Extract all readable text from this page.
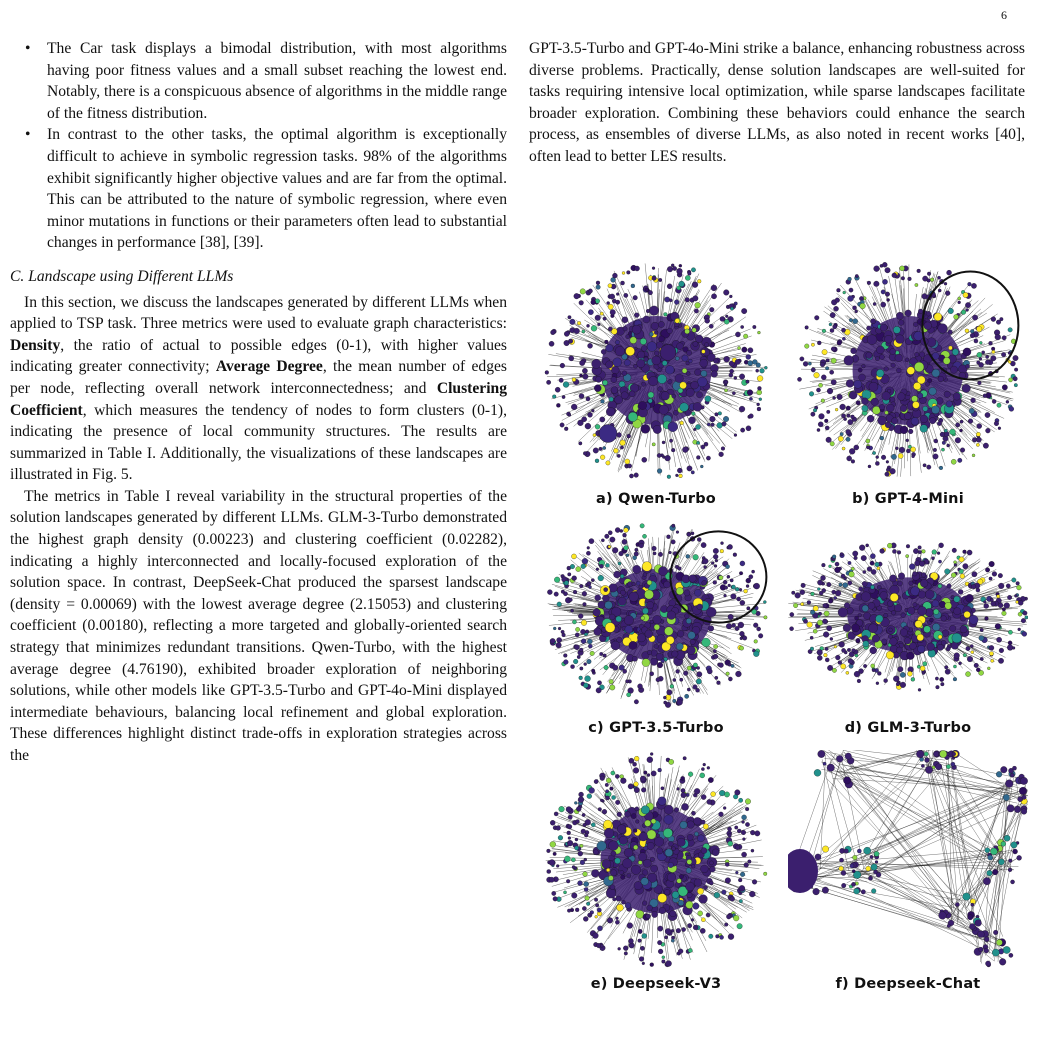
6
• The Car task displays a bimodal distribution, with most algorithms having poor fitness values and a small subset reaching the lowest end. Notably, there is a conspicuous absence of algorithms in the middle range of the fitness distribution.
• In contrast to the other tasks, the optimal algorithm is exceptionally difficult to achieve in symbolic regression tasks. 98% of the algorithms exhibit significantly higher objective values and are far from the optimal. This can be attributed to the nature of symbolic regression, where even minor mutations in functions or their parameters often lead to substantial changes in performance [38], [39].
C. Landscape using Different LLMs

In this section, we discuss the landscapes generated by different LLMs when applied to TSP task. Three metrics were used to evaluate graph characteristics: Density, the ratio of actual to possible edges (0-1), with higher values indicating greater connectivity; Average Degree, the mean number of edges per node, reflecting overall network interconnectedness; and Clustering Coefficient, which measures the tendency of nodes to form clusters (0-1), indicating the presence of local community structures. The results are summarized in Table I. Additionally, the visualizations of these landscapes are illustrated in Fig. 5.

The metrics in Table I reveal variability in the structural properties of the solution landscapes generated by different LLMs. GLM-3-Turbo demonstrated the highest graph density (0.00223) and clustering coefficient (0.02282), indicating a highly interconnected and locally-focused exploration of the solution space. In contrast, DeepSeek-Chat produced the sparsest landscape (density = 0.00069) with the lowest average degree (2.15053) and clustering coefficient (0.00180), reflecting a more targeted and globally-oriented search strategy that minimizes redundant transitions. Qwen-Turbo, with the highest average degree (4.76190), exhibited broader exploration of neighboring solutions, while other models like GPT-3.5-Turbo and GPT-4o-Mini displayed intermediate behaviours, balancing local refinement and global exploration. These differences highlight distinct trade-offs in exploration strategies across the

GPT-3.5-Turbo and GPT-4o-Mini strike a balance, enhancing robustness across diverse problems. Practically, dense solution landscapes are well-suited for tasks requiring intensive local optimization, while sparse landscapes facilitate broader exploration. Combining these behaviors could enhance the search process, as ensembles of diverse LLMs, as also noted in recent works [40], often lead to better LES results.

a) Qwen-Turbo	b) GPT-4-Mini
c) GPT-3.5-Turbo	d) GLM-3-Turbo
e) Deepseek-V3	f) Deepseek-Chat
